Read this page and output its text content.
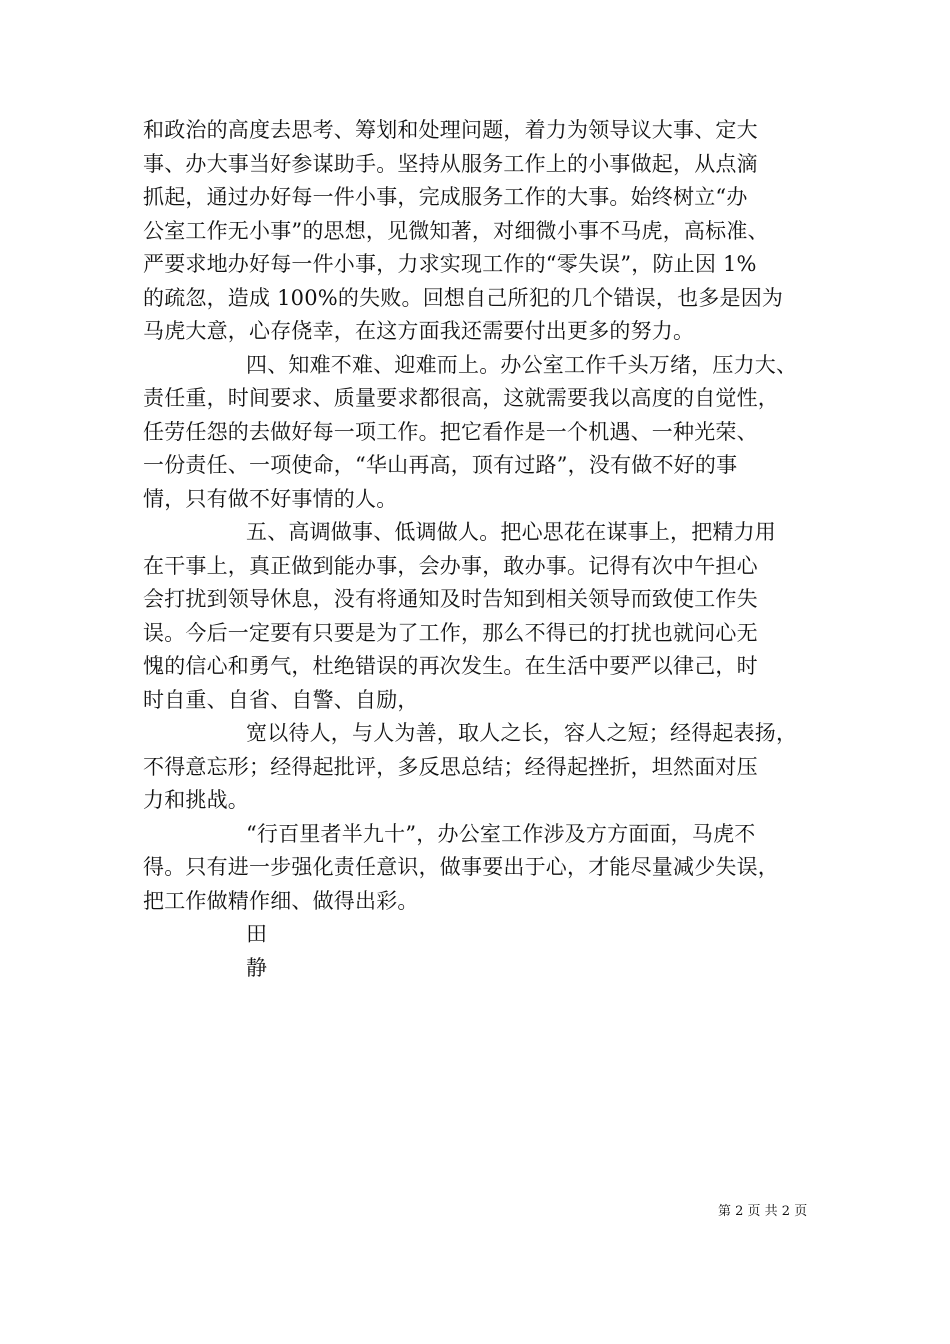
和政治的高度去思考、筹划和处理问题，着力为领导议大事、定大
事、办大事当好参谋助手。坚持从服务工作上的小事做起，从点滴
抓起，通过办好每一件小事，完成服务工作的大事。始终树立“办
公室工作无小事”的思想，见微知著，对细微小事不马虎，高标准、
严要求地办好每一件小事，力求实现工作的“零失误”，防止因 1%
的疏忽，造成 100%的失败。回想自己所犯的几个错误，也多是因为
马虎大意，心存侥幸，在这方面我还需要付出更多的努力。
四、知难不难、迎难而上。办公室工作千头万绪，压力大、
责任重，时间要求、质量要求都很高，这就需要我以高度的自觉性，
任劳任怨的去做好每一项工作。把它看作是一个机遇、一种光荣、
一份责任、一项使命，“华山再高，顶有过路”，没有做不好的事
情，只有做不好事情的人。
五、高调做事、低调做人。把心思花在谋事上，把精力用
在干事上，真正做到能办事，会办事，敢办事。记得有次中午担心
会打扰到领导休息，没有将通知及时告知到相关领导而致使工作失
误。今后一定要有只要是为了工作，那么不得已的打扰也就问心无
愧的信心和勇气，杜绝错误的再次发生。在生活中要严以律己，时
时自重、自省、自警、自励，
宽以待人，与人为善，取人之长，容人之短；经得起表扬，
不得意忘形；经得起批评，多反思总结；经得起挫折，坦然面对压
力和挑战。
“行百里者半九十”，办公室工作涉及方方面面，马虎不
得。只有进一步强化责任意识，做事要出于心，才能尽量减少失误，
把工作做精作细、做得出彩。
田
静
第 2 页 共 2 页
